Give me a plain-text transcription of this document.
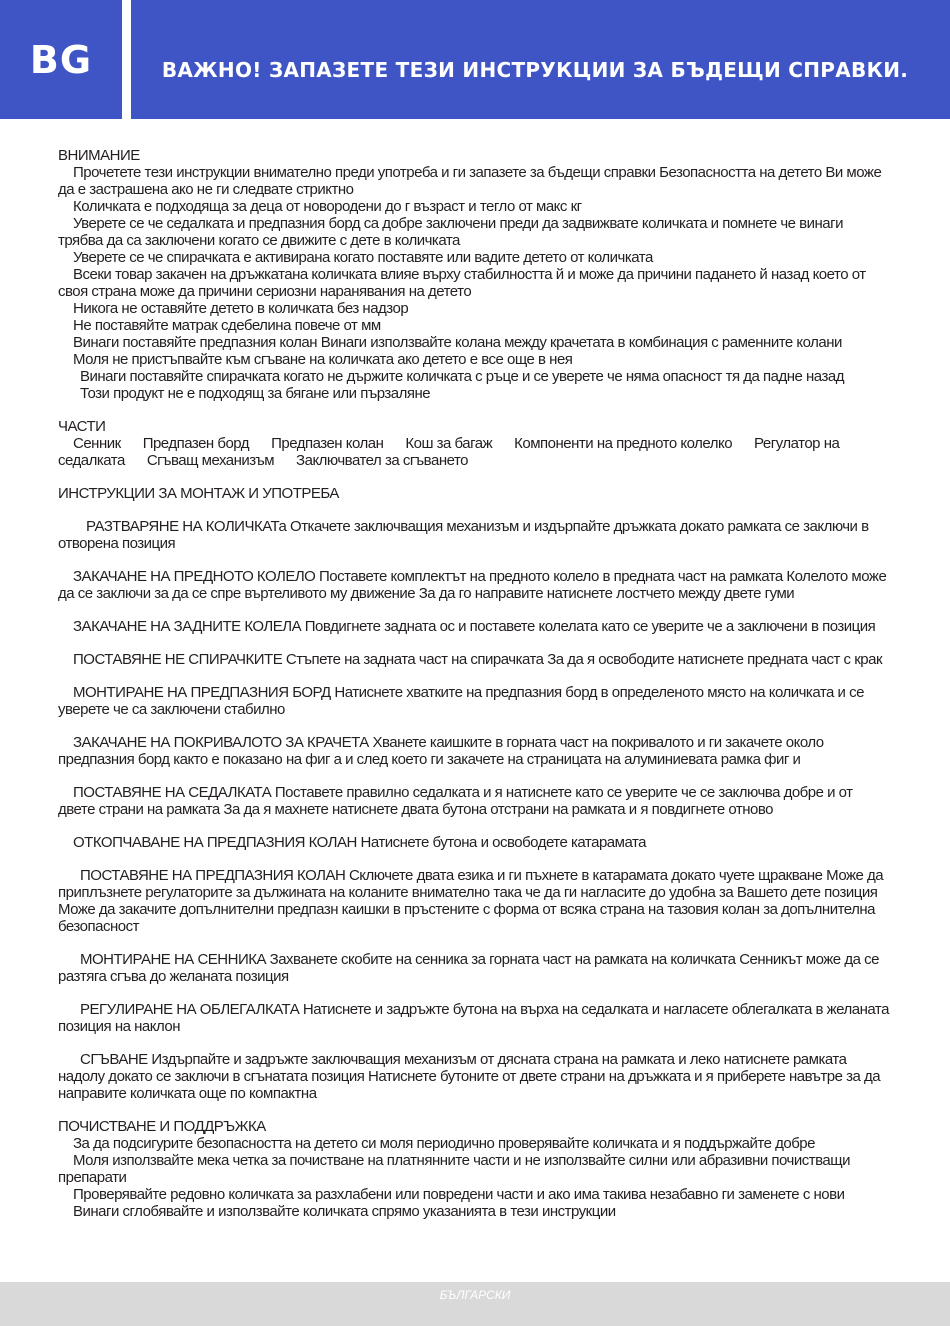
BG	ВАЖНО! ЗАПАЗЕТЕ ТЕЗИ ИНСТРУКЦИИ ЗА БЪДЕЩИ СПРАВКИ.

ВНИМАНИЕ

Прочетете тези инструкции внимателно преди употреба и ги запазете за бъдещи справки Безопасността на детето Ви може да е застрашена ако не ги следвате стриктно

Количката е подходяща за деца от новородени до г възраст и тегло от макс кг

Уверете се че седалката и предпазния борд са добре заключени преди да задвижвате количката и помнете че винаги трябва да са заключени когато се движите с дете в количката

Уверете се че спирачката е активирана когато поставяте или вадите детето от количката

Всеки товар закачен на дръжкатана количката влияе върху стабилността й и може да причини падането й назад което от своя страна може да причини сериозни наранявания на детето

Никога не оставяйте детето в количката без надзор

Не поставяйте матрак сдебелина повече от мм

Винаги поставяйте предпазния колан Винаги използвайте колана между крачетата в комбинация с раменните колани

Моля не пристъпвайте към сгъване на количката ако детето е все още в нея

Винаги поставяйте спирачката когато не държите количката с ръце и се уверете че няма опасност тя да падне назад

Този продукт не е подходящ за бягане или пързаляне

ЧАСТИ

Сенник      Предпазен борд      Предпазен колан      Кош за багаж      Компоненти на предното колелко      Регулатор на седалката      Сгъващ механизъм      Заключвател за сгъването

ИНСТРУКЦИИ ЗА МОНТАЖ И УПОТРЕБА

РАЗТВАРЯНЕ НА КОЛИЧКАТа Откачете заключващия механизъм и издърпайте дръжката докато рамката се заключи в отворена позиция

ЗАКАЧАНЕ НА ПРЕДНОТО КОЛЕЛО Поставете комплектът на предното колело в предната част на рамката Колелото може да се заключи за да се спре въртеливото му движение За да го направите натиснете лостчето между двете гуми

ЗАКАЧАНЕ НА ЗАДНИТЕ КОЛЕЛА Повдигнете задната ос и поставете колелата като се уверите че а заключени в позиция

ПОСТАВЯНЕ НЕ СПИРАЧКИТЕ Стъпете на задната част на спирачката За да я освободите натиснете предната част с крак

МОНТИРАНЕ НА ПРЕДПАЗНИЯ БОРД Натиснете хватките на предпазния борд в определеното място на количката и се уверете че са заключени стабилно

ЗАКАЧАНЕ НА ПОКРИВАЛОТО ЗА КРАЧЕТА Хванете каишките в горната част на покривалото и ги закачете около предпазния борд както е показано на фиг а и след което ги закачете на страницата на алуминиевата рамка фиг и

ПОСТАВЯНЕ НА СЕДАЛКАТА Поставете правилно седалката и я натиснете като се уверите че се заключва добре и от двете страни на рамката За да я махнете натиснете двата бутона отстрани на рамката и я повдигнете отново

ОТКОПЧАВАНЕ НА ПРЕДПАЗНИЯ КОЛАН Натиснете бутона и освободете катарамата

ПОСТАВЯНЕ НА ПРЕДПАЗНИЯ КОЛАН Сключете двата езика и ги пъхнете в катарамата докато чуете щракване Може да приплъзнете регулаторите за дължината на коланите внимателно така че да ги нагласите до удобна за Вашето дете позиция Може да закачите допълнителни предпазн каишки в пръстените с форма от всяка страна на тазовия колан за допълнителна безопасност

МОНТИРАНЕ НА СЕННИКА Захванете скобите на сенника за горната част на рамката на количката Сенникът може да се разтяга сгъва до желаната позиция

РЕГУЛИРАНЕ НА ОБЛЕГАЛКАТА Натиснете и задръжте бутона на върха на седалката и нагласете облегалката в желаната позиция на наклон

СГЪВАНЕ Издърпайте и задръжте заключващия механизъм от дясната страна на рамката и леко натиснете рамката надолу докато се заключи в сгънатата позиция Натиснете бутоните от двете страни на дръжката и я приберете навътре за да направите количката още по компактна

ПОЧИСТВАНЕ И ПОДДРЪЖКА

За да подсигурите безопасността на детето си моля периодично проверявайте количката и я поддържайте добре

Моля използвайте мека четка за почистване на платнянните части и не използвайте силни или абразивни почистващи препарати

Проверявайте редовно количката за разхлабени или повредени части и ако има такива незабавно ги заменете с нови

Винаги сглобявайте и използвайте количката спрямо указанията в тези инструкции

БЪЛГАРСКИ
